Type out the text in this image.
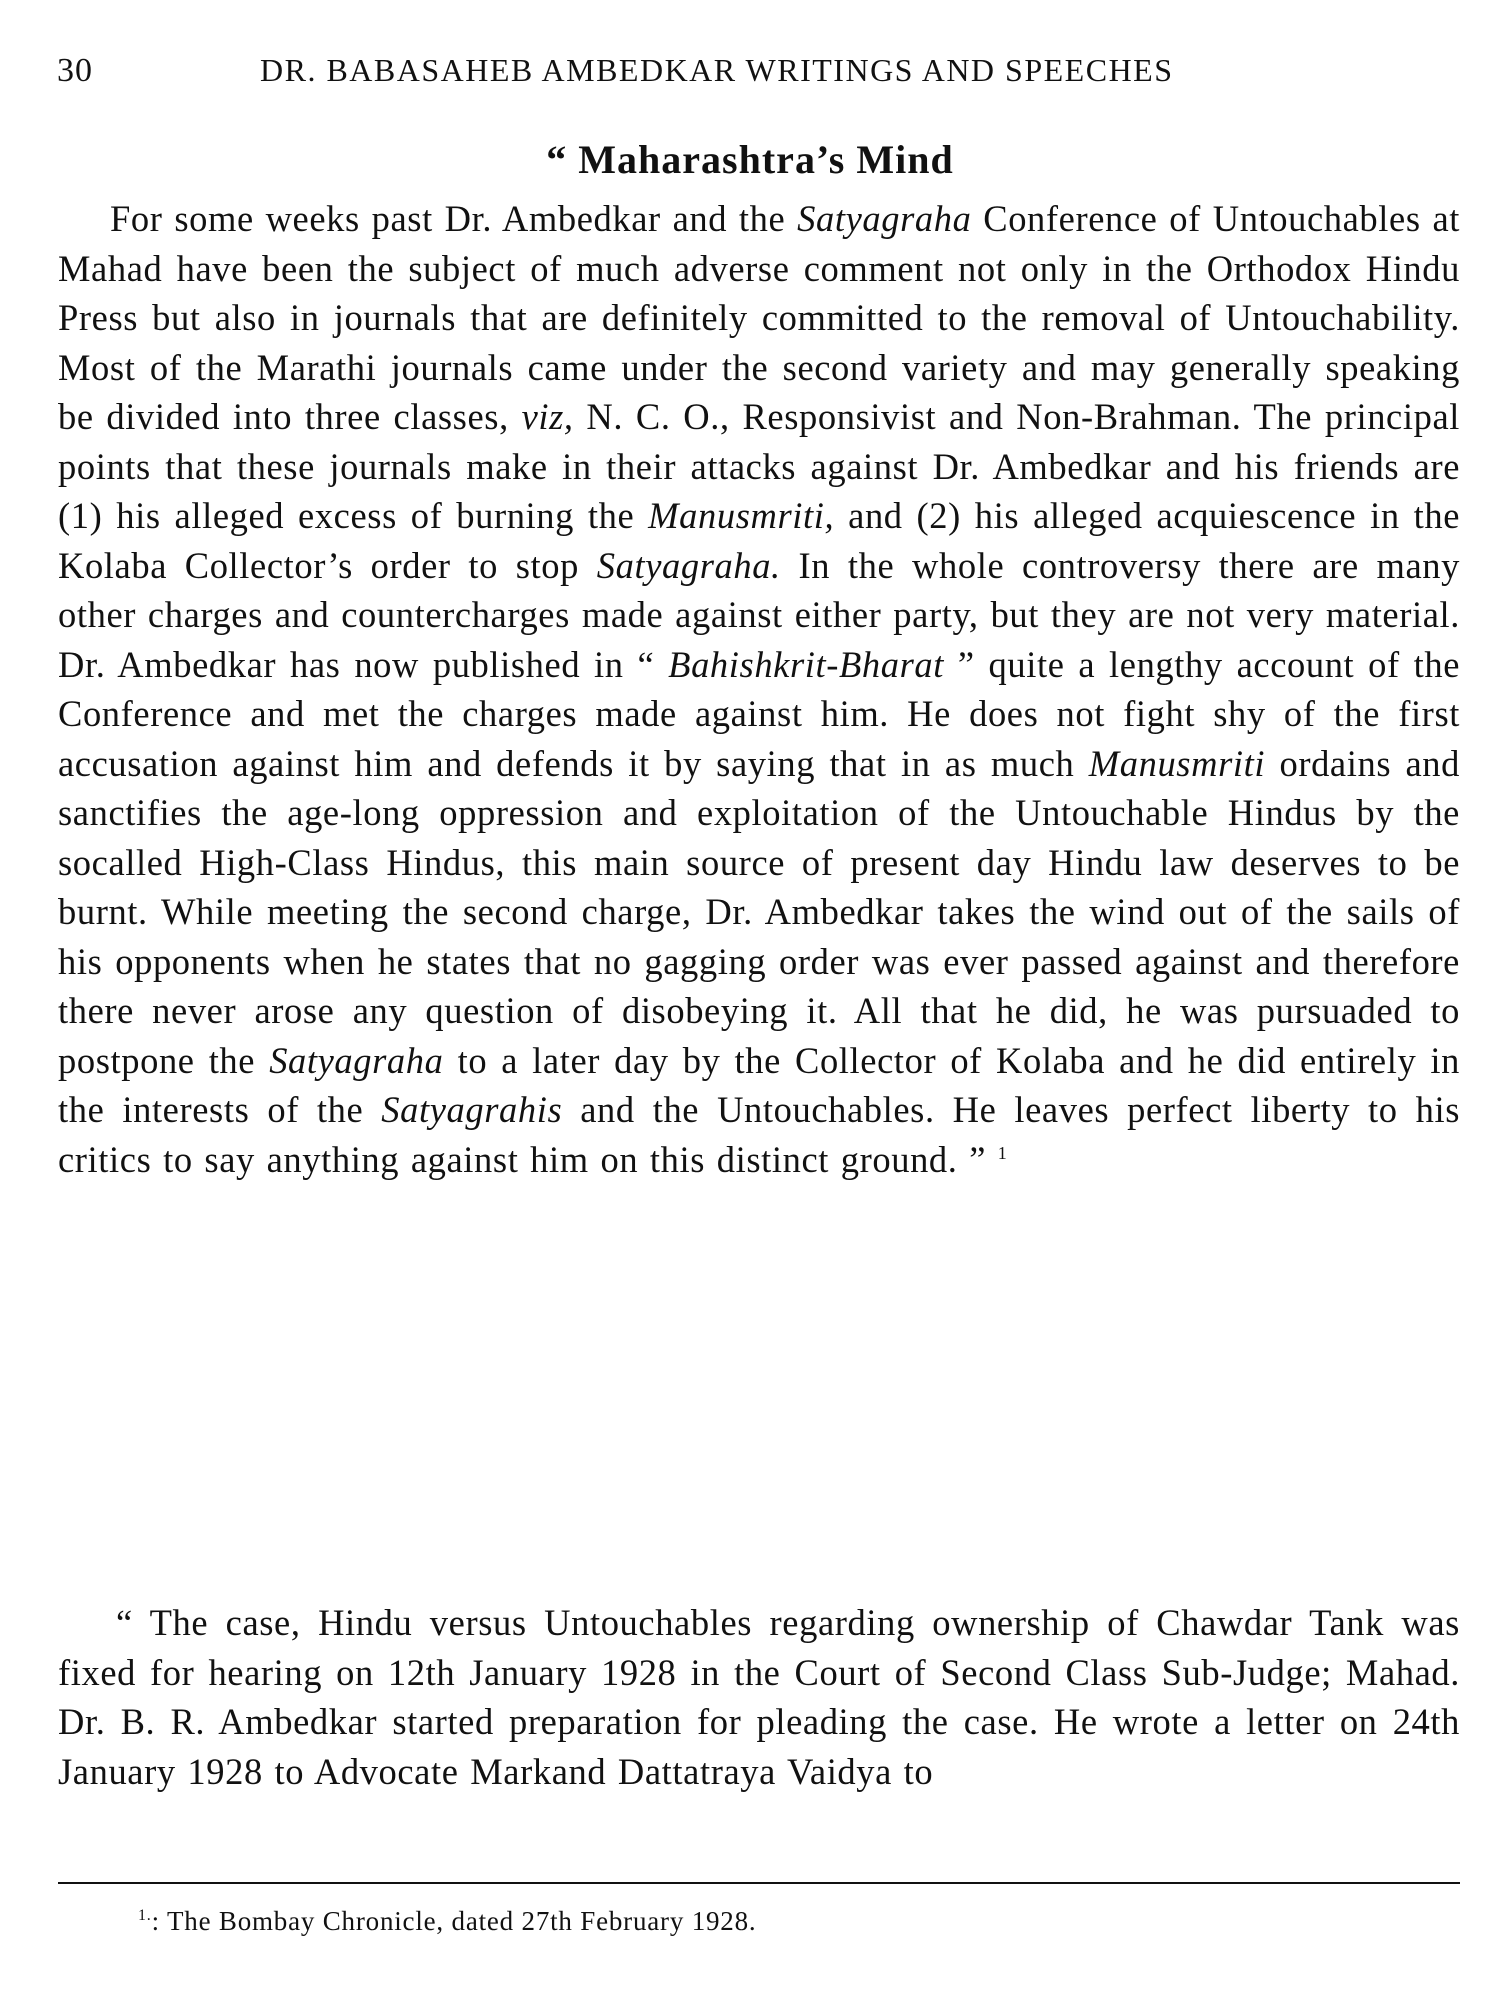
30	DR. BABASAHEB AMBEDKAR WRITINGS AND SPEECHES
“ Maharashtra’s Mind

For some weeks past Dr. Ambedkar and the Satyagraha Conference of Untouchables at Mahad have been the subject of much adverse comment not only in the Orthodox Hindu Press but also in journals that are definitely committed to the removal of Untouchability. Most of the Marathi journals came under the second variety and may generally speaking be divided into three classes, viz, N. C. O., Responsivist and Non-Brahman. The principal points that these journals make in their attacks against Dr. Ambedkar and his friends are (1) his alleged excess of burning the Manusmriti, and (2) his alleged acquiescence in the Kolaba Collector’s order to stop Satyagraha. In the whole controversy there are many other charges and countercharges made against either party, but they are not very material. Dr. Ambedkar has now published in “ Bahishkrit-Bharat ” quite a lengthy account of the Conference and met the charges made against him. He does not fight shy of the first accusation against him and defends it by saying that in as much Manusmriti ordains and sanctifies the age-long oppression and exploitation of the Untouchable Hindus by the socalled High-Class Hindus, this main source of present day Hindu law deserves to be burnt. While meeting the second charge, Dr. Ambedkar takes the wind out of the sails of his opponents when he states that no gagging order was ever passed against and therefore there never arose any question of disobeying it. All that he did, he was pursuaded to postpone the Satyagraha to a later day by the Collector of Kolaba and he did entirely in the interests of the Satyagrahis and the Untouchables. He leaves perfect liberty to his critics to say anything against him on this distinct ground. ” $^1$

“ The case, Hindu versus Untouchables regarding ownership of Chawdar Tank was fixed for hearing on 12th January 1928 in the Court of Second Class Sub-Judge; Mahad. Dr. B. R. Ambedkar started preparation for pleading the case. He wrote a letter on 24th January 1928 to Advocate Markand Dattatraya Vaidya to

$^{1.}$: The Bombay Chronicle, dated 27th February 1928.
